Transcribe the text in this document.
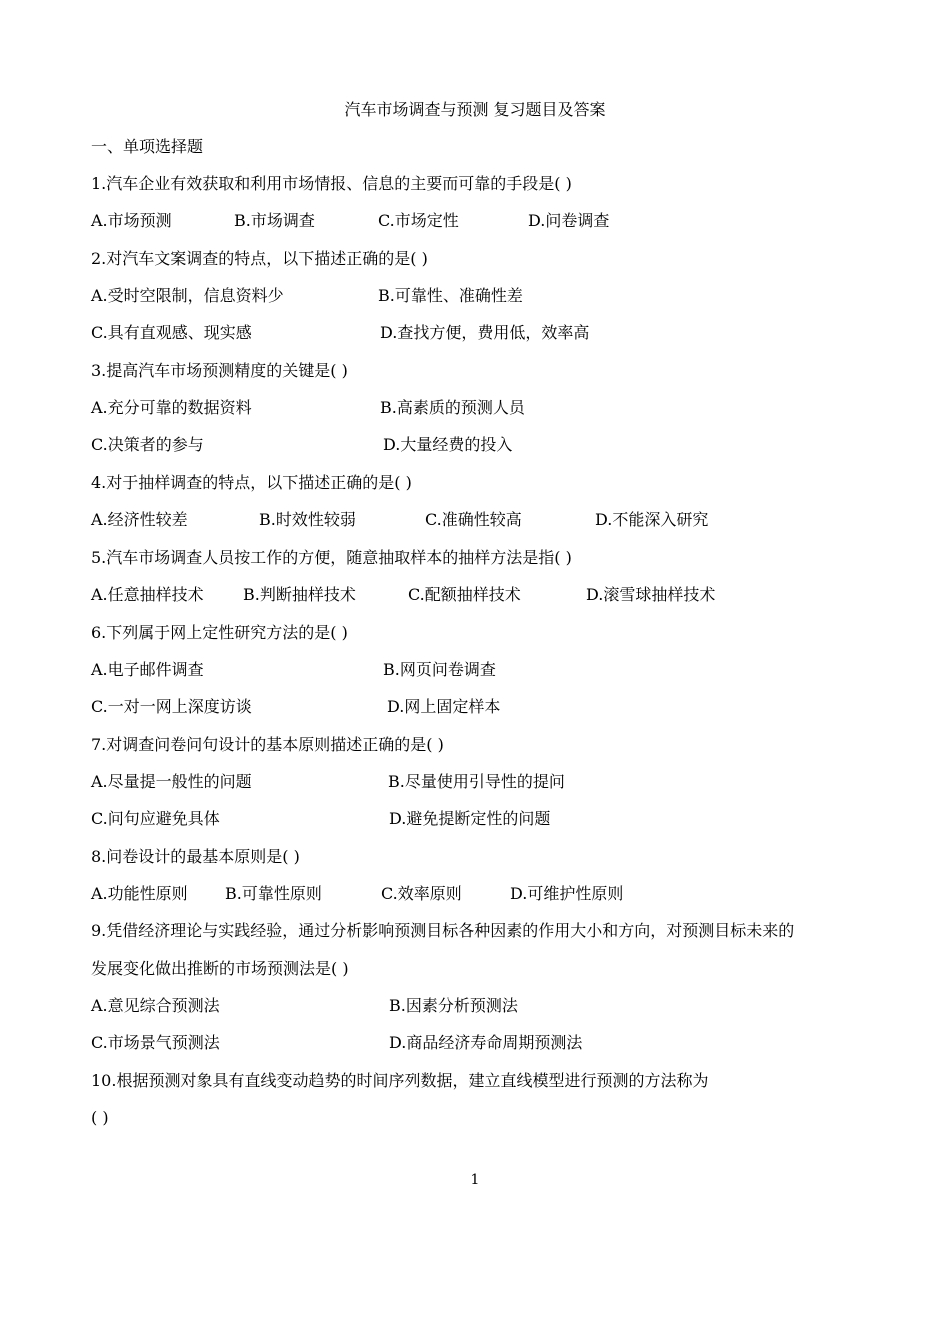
汽车市场调查与预测 复习题目及答案
一、单项选择题
1.汽车企业有效获取和利用市场情报、信息的主要而可靠的手段是( )
A.市场预测	B.市场调查	C.市场定性	D.问卷调查
2.对汽车文案调查的特点，以下描述正确的是( )
A.受时空限制，信息资料少	B.可靠性、准确性差
C.具有直观感、现实感	D.查找方便，费用低，效率高
3.提高汽车市场预测精度的关键是( )
A.充分可靠的数据资料	B.高素质的预测人员
C.决策者的参与	D.大量经费的投入
4.对于抽样调查的特点，以下描述正确的是( )
A.经济性较差	B.时效性较弱	C.准确性较高	D.不能深入研究
5.汽车市场调查人员按工作的方便，随意抽取样本的抽样方法是指( )
A.任意抽样技术 B.判断抽样技术	C.配额抽样技术	D.滚雪球抽样技术
6.下列属于网上定性研究方法的是( )
A.电子邮件调查	B.网页问卷调查
C.一对一网上深度访谈	D.网上固定样本
7.对调查问卷问句设计的基本原则描述正确的是( )
A.尽量提一般性的问题	B.尽量使用引导性的提问
C.问句应避免具体	D.避免提断定性的问题
8.问卷设计的最基本原则是( )
A.功能性原则 B.可靠性原则	C.效率原则	D.可维护性原则
9.凭借经济理论与实践经验，通过分析影响预测目标各种因素的作用大小和方向，对预测目标未来的
发展变化做出推断的市场预测法是( )
A.意见综合预测法	B.因素分析预测法
C.市场景气预测法	D.商品经济寿命周期预测法
10.根据预测对象具有直线变动趋势的时间序列数据，建立直线模型进行预测的方法称为
( )
1
